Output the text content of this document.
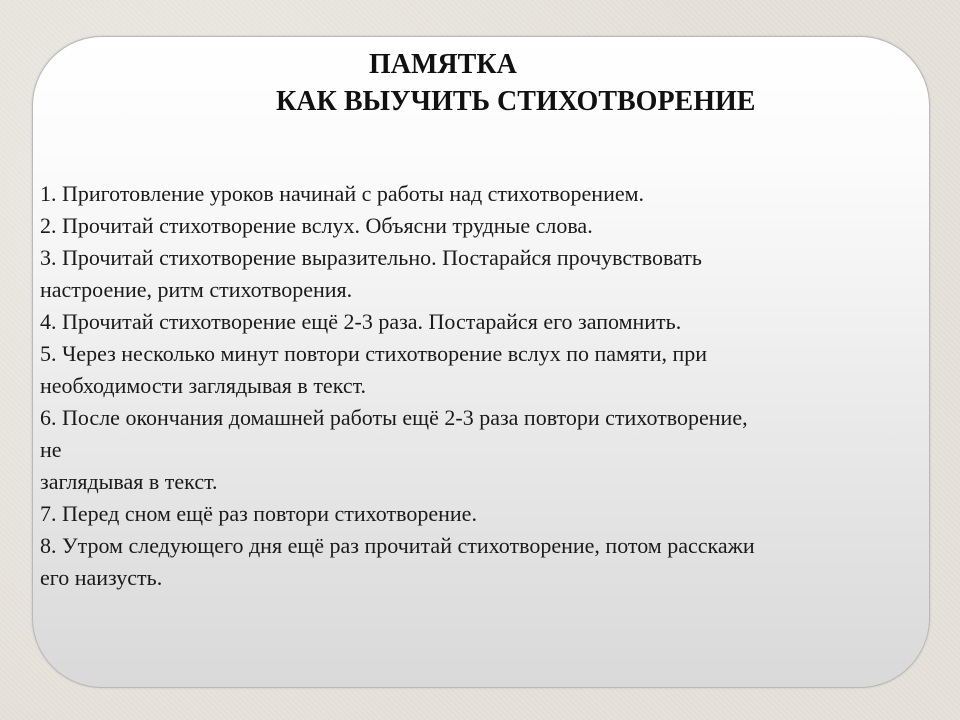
ПАМЯТКА
КАК ВЫУЧИТЬ СТИХОТВОРЕНИЕ
1. Приготовление уроков начинай с работы над стихотворением.
2. Прочитай стихотворение вслух. Объясни трудные слова.
3. Прочитай стихотворение выразительно. Постарайся прочувствовать
настроение, ритм стихотворения.
4. Прочитай стихотворение ещё 2-3 раза. Постарайся его запомнить.
5. Через несколько минут повтори стихотворение вслух по памяти, при
необходимости заглядывая в текст.
6. После окончания домашней работы ещё 2-3 раза повтори стихотворение,
не
заглядывая в текст.
7. Перед сном ещё раз повтори стихотворение.
8. Утром следующего дня ещё раз прочитай стихотворение, потом расскажи
его наизусть.
